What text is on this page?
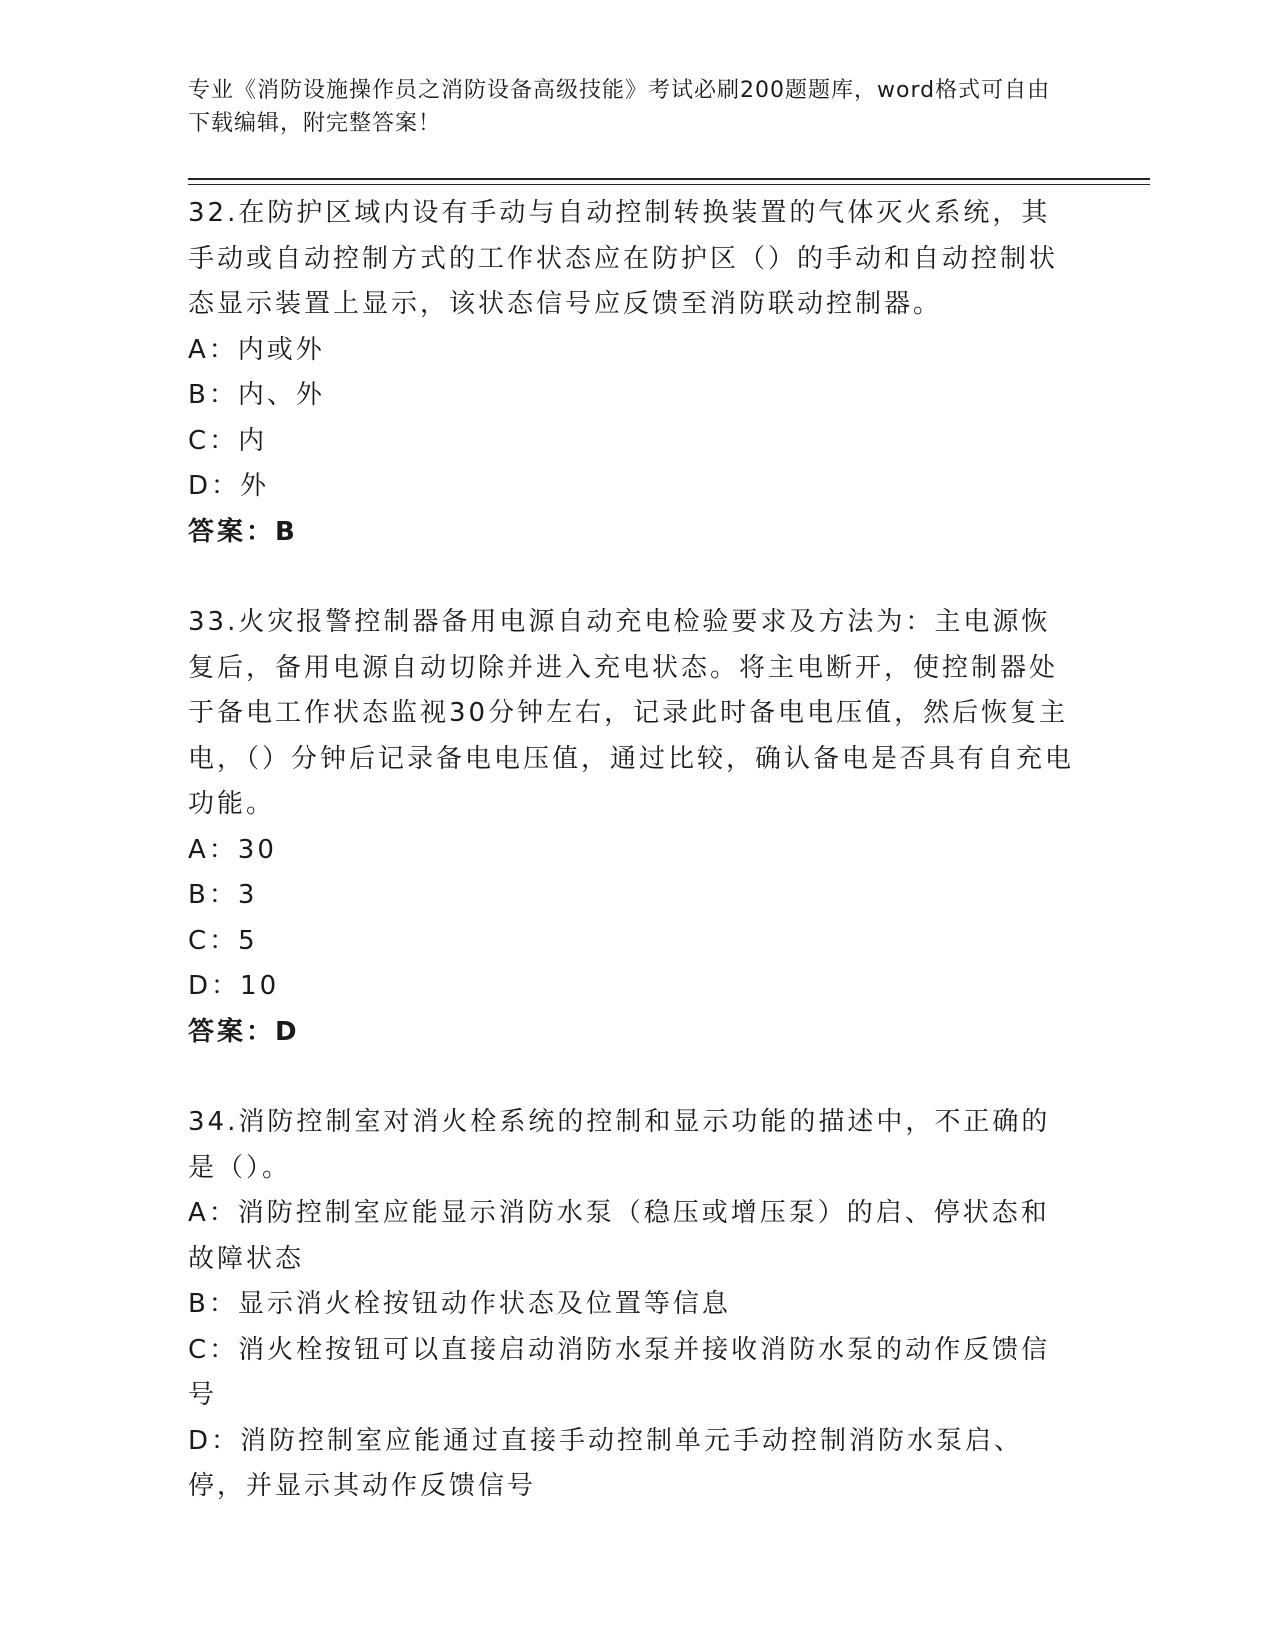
专业《消防设施操作员之消防设备高级技能》考试必刷200题题库，word格式可自由下载编辑，附完整答案！

32.在防护区域内设有手动与自动控制转换装置的气体灭火系统，其手动或自动控制方式的工作状态应在防护区（）的手动和自动控制状态显示装置上显示，该状态信号应反馈至消防联动控制器。

A：内或外

B：内、外

C：内

D：外

答案：B

33.火灾报警控制器备用电源自动充电检验要求及方法为：主电源恢复后，备用电源自动切除并进入充电状态。将主电断开，使控制器处于备电工作状态监视30分钟左右，记录此时备电电压值，然后恢复主电，（）分钟后记录备电电压值，通过比较，确认备电是否具有自充电功能。

A：30

B：3

C：5

D：10

答案：D

34.消防控制室对消火栓系统的控制和显示功能的描述中，不正确的是（）。

A：消防控制室应能显示消防水泵（稳压或增压泵）的启、停状态和故障状态

B：显示消火栓按钮动作状态及位置等信息

C：消火栓按钮可以直接启动消防水泵并接收消防水泵的动作反馈信号

D：消防控制室应能通过直接手动控制单元手动控制消防水泵启、停，并显示其动作反馈信号
